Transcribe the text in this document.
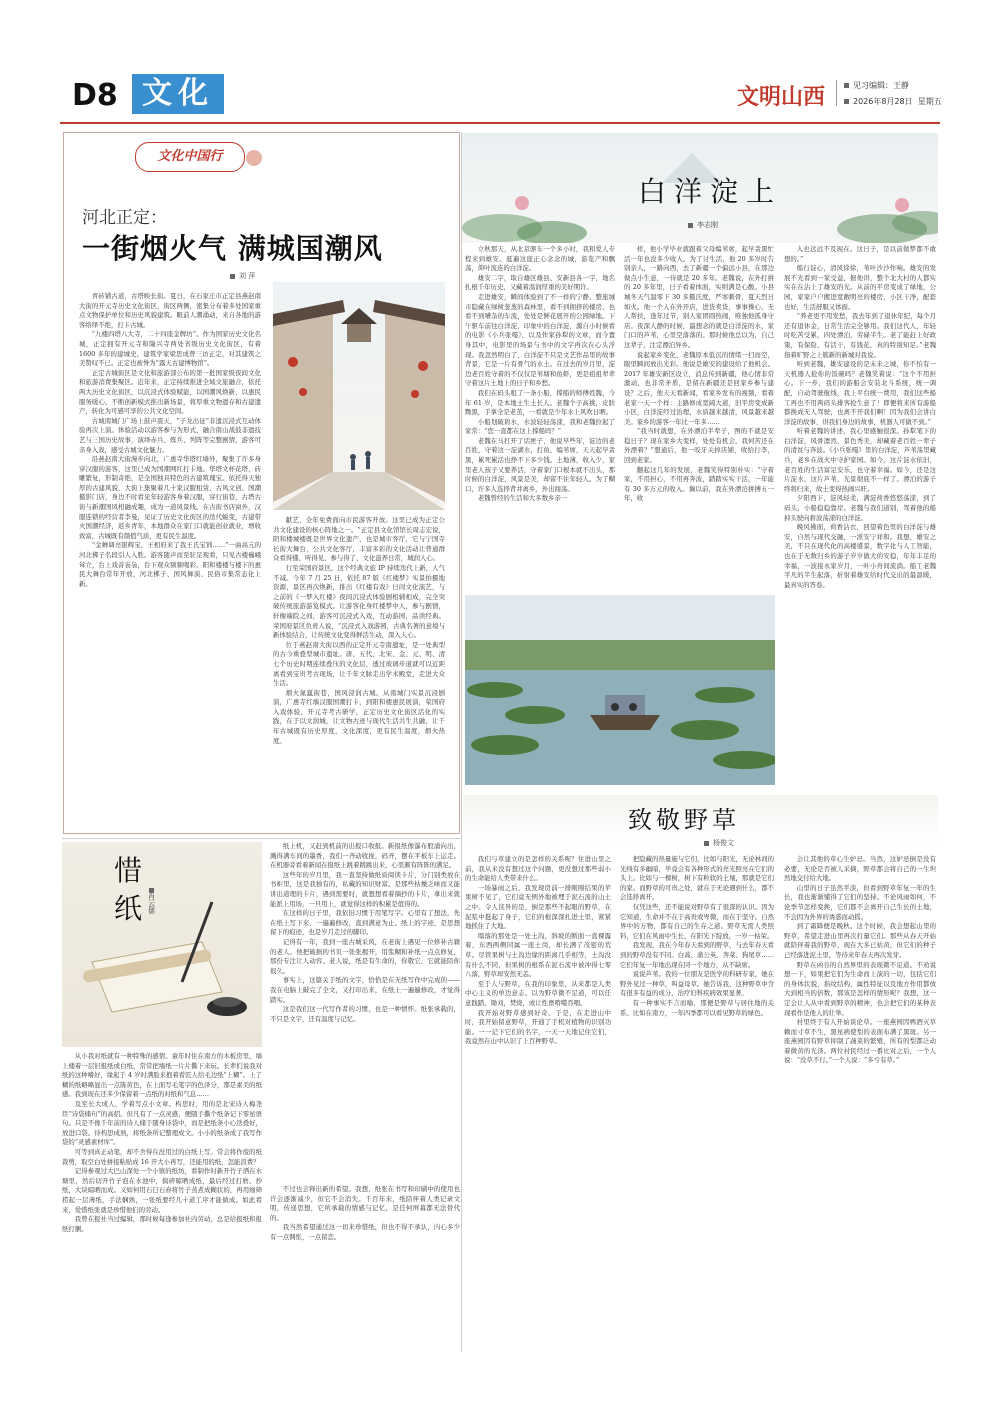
D8 文化	文明山西	见习编辑：王静
2026年8月28日 星期五
文化中国行
河北正定：
一街烟火气 满城国潮风
刘 萍

青砖铺古道，古塔映长街。夏日，在石家庄市正定县燕赵南大街的开元寺历史文化街区，街区两侧，密集分布着多处国家重点文物保护单位和历史风貌建筑。眼前人潮涌动，来自各地的游客络绎不绝，打卡古城。

“九楼四塔八大寺，二十四座金牌坊”。作为国家历史文化名城，正定拥有开元寺和隆兴寺两处省级历史文化街区，有着 1600 多年的建城史，建筑学家梁思成曾三访正定，对其建筑之美赞叹不已。正定也被誉为“露天古建博物馆”。

正定古城街区是文化和旅游部公布的第一批国家级夜间文化和旅游消费集聚区。近年来，正定持续推进全域文旅融合，依托两大历史文化街区，以沉浸式体验赋能，以国潮风焕新，以惠民服务暖心，不断创新模式推出新场景，将厚重文物遗存和古建遗产，转化为可感可享的公共文化空间。

古城南城门广场上鼓声震天，“子龙出征”非遗沉浸式互动体验再次上演。体验活动以游客参与为形式，融合南山战鼓非遗技艺与三国历史故事，演绎赤兵、炼兵、列阵等完整剧情，游客可亲身入戏，感受古城文化魅力。

沿燕赵南大街漫步向北，广惠寺华塔红墙外，聚集了许多身穿汉服的游客，这里已成为国潮网红打卡地。华塔文杯花塔，砖雕繁复，形制奇绝，是全国独具特色的古建筑瑰宝。依托得天独厚的古建风貌，大街上集聚着几十家汉服租赁、古风文创、国潮摄影门店，身边不时看见年轻游客身着汉服，穿行街巷，古塔古街与新潮国风相融成趣，成为一道风景线。在古街书店窗外，汉服连锁的经营者李曼，见证了历史文化街区的迭代蜕变，古建带火国潮经济，返乡青年，本地群众在家门口就能创业就业，增收致富，古城既有颜值气质，更有民生温度。

“金蝉调亮银辉宝，王相府来了我王氏宝钏……”一曲高亢的河北梆子名段引人入胜。游客随声而至驻足观看，只见古楼巍峨耸立，台上戏音袅袅，台下观众频频喝彩。阳和楼楼与楼下的惠民大舞台常年开放，河北梆子、国风舞演、民俗市集常态化上新。

献艺，全年免费面向市民游客开放。这里已成为正定公共文化建设的核心阵地之一。“正定县文化馆馆长周志宏说，阳和楼城楼既是世界文化遗产，也是城市客厅，它与宁国寺长街大舞台，公共文化客厅，丰富多彩的文化活动让普通群众看得懂、听得见、参与得了，文化滋养日常，城润人心。

行至荣国府景区，这个经典文旅 IP 持续迭代上新，人气不减。今年 7 月 25 日，依托 87 版《红楼梦》实景拍摄地资源，景区再次焕新，推出《红楼有戏》日间文化演艺，与之前的《一梦入红楼》夜间沉浸式体验剧相辅相成，完全突破传统旅游游览模式。让游客化身红楼梦中人，参与剧情，轩榭端院之间，游客可沉浸式入戏，互动游园，品读经典。荣国府景区负责人说，“沉浸式入戏游园，古典名著的意境与新体验结合，让传统文化变得鲜活生动，深入人心。

位于燕赵南大街以西的正定开元寺南遗址，是一处典型的古今重叠型城市遗址。唐、五代、北宋、金、元、明、清七个历史时期连续叠压的文化层，透过玻璃步道就可以近距离看到宝贵考古现场，让千年文脉走出学术殿堂，走进大众生活。

烟火氤氲街巷，国风浸润古城。从南城门实景沉浸剧演，广惠寺红墙汉服国潮打卡，到阳和楼惠民展演，荣国府入戏体验，开元寺考古研学，正定历史文化街区活化的实践，在于以文润城，让文物古迹与现代生活共生共融，让千年古城既有历史厚度，文化深度，更有民生温度，烟火热度。

白洋淀上
李志刚

立秋那天，从北京驱车一个多小时，我和爱人专程来到雄安。逛遍这座正心念念的城，游览产和飘荡，仰叶流连的白洋淀。

雄安二字，取自雄区雄县、安新县各一字，地名扎根千年历史，又藏着温润厚重的美好期许。

走进雄安，瞬间体验到了不一样的宁静。整座城市隐藏在绿树葱葱的森林里，看不到拥挤的楼房，也看不到嘈杂的车流，处处是鲜花展开的公园绿地。下午驱车前往白洋淀，印象中的白洋淀，源自小时候看的电影《小兵张嘎》，以及作家孙犁的文章，而今置身其中，电影里的场景与书中的文字再次在心头浮现。我忽然明白了，白洋淀不只是文艺作品里的故事背景，它是一片有骨气的水土。在过去的岁月里，淀边老百姓守着的不仅仅是苇塘和鱼虾，更是祖祖辈辈守着这片土地上的日子和乡愁。

我们在码头租了一条小船，撑船的师傅姓魏，今年 61 岁，是本地土生土长人。老魏个子高挑，皮肤黝黑，手拿全是老茧，一看就是少年水上风吹日晒。

小船划破碧水，水波轻轻荡漾，我和老魏拉起了家常：“您一直都在这上撑船吗？”

老魏在马打开了话匣子，他说早些年，淀边的老百姓，守着这一淀湖水，打鱼、编苇席，天天起早贪黑，累死累活也挣不下多少钱。土地薄，收入少，家里老人孩子又要养活，守着家门口根本就不出头，那时候的白洋淀，风景是美，却留不住年轻人。为了糊口，许多人选择背井离乡，外出闯荡。

老魏曾经的生活和大多数乡亲一

样，他小学毕业就跟着父母编苇席，起早贪黑忙活一年也没多少收入。为了讨生活，他 20 多岁时告别亲人，一路向西，去了新疆一个偏远小县，在那边做点小生意，一待就是 20 多年。老魏说，在外打拼的 20 多年里，日子看着体面，实则满是心酸。小县城冬天气温零下 30 多摄氏度，严寒刺骨，夏天烈日如火。他一个人在外开店，进货卖货，事事操心，无人帮扶，逢年过节，别人家团圆热闹，唯独他孤身守店。夜深人静的时候，最想念的就是白洋淀的水，家门口的芦苇，心里空落落的。那时候他总以为，自己这辈子，注定漂泊异乡。

说起家乡变化，老魏原本低沉的情绪一扫而空，眼里瞬间放出光彩。他说是雄安的建设给了他机会。2017 年雄安新区设立，消息传到新疆，他心情非常激动，也非常矛盾，是留在新疆还是回家乡参与建设？之后，他天天看新闻，看家乡发布的视频，看着老家一天一个样：主路修成宽阔大道，旧平房变成新小区，白洋淀经过治理，水质越来越清，风景越来越美。家乡的游客一年比一年多……

“我当时就想，在外漂泊半辈子，图的不就是安稳日子？现在家乡大变样，处处有机会，我何苦还在外漂着？”想通后，他一咬牙关掉店铺，收拾行李，回到老家。

翻起这几年的发展，老魏笑得特别朴实：“守着家，不用担心，不用再奔波，踏踏实实干活，一年能有 30 多万元的收入。搁以前，我在外漂泊拼搏五一年，收

入也远远不及现在。这日子，是以前做梦都不敢想的。”

船行淀心，清风徐徐，苇叶沙沙作响。雄安的发展不光看到一家受益，据他讲，整个北大村的人都实实在在沾上了雄安的光。从前的平房变成了绿地，公园，家家户户搬进宽敞明亮的楼房，小区干净，配套也好，生活舒服又体面。

“养老更不用发愁，我去年到了退休年纪，每个月还有退休金，日常生活完全够用。我们这代人，年轻时吃苦受累，四处漂泊，劳碌半生。老了能赶上好政策，有保险、有活干，有钱花，真的特别知足。”老魏指着旷野之上簇新的新城对我说。

听到老魏，雄安建设的是未来之城，你不怕有一天机器人抢你的饭碗吗？老魏笑着说：“这个不用担心。下一步，我们的游船会安装北斗系统，统一调配，自动驾驶航线，我上平台统一费用，我们这些船工再也不用两码头排客抢生意了！即便将来所有游船都换成无人驾驶，也离不开我们啊！因为我们会讲白洋淀的故事，讲我们身边的故事，机器人可做不到。”

听着老魏的讲述，我心里感触很深。孙犁笔下的白洋淀，风骨凛然，景色秀美，却藏着老百姓一辈子的清贫与奔波。《小兵张嘎》里的白洋淀，芦苇荡里藏兵，老乡在战火中守护家园。如今，这片淀水依旧，老百姓的生活富足安乐，也守着幸福。如今，还是这片淀水，这片芦苇，光景彻底不一样了。漂泊的游子终将归来，故土变得热闹兴旺。

夕阳西下，淀风轻柔，满淀荷香悠悠荡漾，到了码头，小船稳稳靠岸。老魏与我们道别，驾着他的船掉头驶向碧波荡漾的白洋淀。

晚风拂面，荷香沾衣，回望着色里的白洋淀与雄安，自然与现代交融，一派安宁祥和。我想，雄安之美，不只在现代化的高楼盛景，数字化与人工智能，也在于无数归乡的游子岁岁做大的安稳，年年丰足的幸福，一波接永家岁月，一叶小舟间流淌。船工老魏平凡的半生起落，折射着雄安给时代交出的最温暖，最真实的答卷。

惜
纸 肖云儒

从小我对纸就有一种特殊的感情。童年时住在南方的木板房里，墙上楼着一层旧报纸或白纸，常常把墙纸一片片撕下来玩。长辈们说我对纸的这种嗜好，缘起于 4 岁时满脸来抱着看匠人给毛边纸“上糊”。上了糊的纸略略显出一点陈黄色，在上面写毛笔字的色泽分，那是素美的纸感。我到现在还多少保留着一点纸的对纸和气息……

及至长大成人，学着写点小文章。构思时，用的是北宋诗人梅尧臣“诗袋储句”的高招。但凡有了一点灵感，便随手撕个纸条记下零星语句。只是不像千年前的诗人储于随身诗袋中，而是把纸条小心迭叠好，放进口袋。待构思成熟，将纸条所记整理成文。小小的纸条成了我写作袋的“灵感素材库”。

可等到真正动笔，却不舍得在没用过的白纸上写。常会将作废的纸裁剪，取空白处拼接粘贴成 16 开大小再写，还能用的纸，怎能浪费？

记得参观过大巴山深处一个小镇的纸坊，看制作时新开竹子洒在水塘里，然后切开竹子泡在水池中，捣碎晾晒成纸，最后经过打磨、抄纸，大块晾晒而成。又如何用石臼石舂将竹子蒸煮成糊状的，再用细筛捞起一层薄纸，手法娴熟，一张纸要经几十道工序才能做成。如此看来，爱惜纸张就是珍惜他们的劳动。

我曾在报社当过编辑，那时候每逢参加社内劳动，总是给报纸和报纸打捆。

纸上机，又赶到机前的出报口收报。新报纸像瀑布般涌向出，溅得满车间的墨香，我们一齐动收拢，码齐，摆在平板车上运走。在机器旁看着新闻在报纸上跳着跳跳出来，心里颇有阵阵的满足。

这些年的岁月里，我一直坚持做纸质阅读卡片，分门别类放在书柜里，这是我独有的，私藏的知识财富。是那些枯燥乏味而又能讲出道理的卡片，遇到需要时，就想想看着摘抄的卡片，拿出来就能派上用场，一旦用上，就觉得这样的积累是值得的。

在这样的日子里，我依旧习惯于用笔写字。心里有了想法，先在纸上写下来，一遍遍修改，直到满意为止。纸上的字迹，是思想留下的痕迹，也是岁月走过的脚印。

记得有一年，我到一座古城采风，在老街上遇见一位修补古籍的老人。他把破损的书页一张张揭开，用浆糊和补纸一点点修复，那份专注让人动容。老人说，纸是有生命的，你敬它，它就能陪你很久。

事实上，这篇关于纸的文字，恰恰是在无纸写作中完成的——我在电脑上敲完了全文，又打印出来，在纸上一遍遍修改，才觉得踏实。

这是我们这一代写作者的习惯，也是一种情怀。纸张承载的，不只是文字，还有温度与记忆。

不过也会释出新的希望。我想，纸张在书写和印刷中的使用也许会逐渐减少，但它不会消失。千百年来，纸陪伴着人类记录文明，传递思想，它所承载的情感与记忆，是任何屏幕都无法替代的。

我当然希望通过这一切来珍惜纸，但也不得不承认，内心多少有一点惆怅，一点留恋。

致敬野草
杨俊文

我们与草建立的是怎样的关系呢？住进山里之前，我从来没有想过这个问题，更没想过那些弱小的生命能给人类带来什么。

一场暴雨之后，我发现房前一排刚刚结果的苹果树不见了，它们竟无例外地被埋于泥石流的山土之中。令人诧异的是，倒是那些不起眼的野草，在泥浆中挺起了身子，它们的根深深扎进土里，紧紧地抓住了大地。

塌落的那处是一处土沟，斜坡的断面一直裸露着，东西两侧同属一座土岗，却长满了茂密的荒草。尽管果树与土沟边缘的距离几乎相等，土沟没有什么不同，但果树的根系在泥石流中被冲得七零八落，野草却安然无恙。

至于人与野草，在我的印象里，从来都是人类中心主义的单边意志。以为野草微不足道，可以任意践踏，锄刈，焚烧，或让性畜啃噬吞咽。

我开始对野草感到好奇。于是，在走进山中时，我开始留意野草，开通了手机对植物的识别功能。一一记下它们的名字，一天一天地记住它们，我竟然在山中认识了上百种野草。

把隐藏的热量施与它们，比如与阳光，无论林间的光线有多幽暗，毕竟会有各种形式的亮光照亮在它们的头上。比如与一棵树，树下有粒软的土壤，那就是它们的家。而野草的可贵之处，就在于无论遇到什么，都不会选择离开。

仅凭这些，还不能说对野草有了很深的认识。因为它知道，生命并不在于高贵或卑微，而在于坚守。自然界中的万物，都有自己的生存之道。野草无需人类照料，它们在风雨中生长，在阳光下绽放，一岁一枯荣。

我发现，我在今年春天看到的野草，与去年春天看到的野草没有不同。白蒿、蒲公英、荠菜、狗尾草……它们年复一年地出现在同一个地方，从不缺席。

说说芦苇。我的一位朋友是医学的科研专家，她在野外见过一种草，叫益母草。她告诉我，这种野草中含有很多有益的成分，治疗妇科疾病效果显著。

有一种事实不言而喻，那便是野草与居住地的关系。比如在南方，一年四季都可以看见野草的绿色。

会让其他的草心生妒忌。当然，这妒忌倒是没有必要，无论是否被人采摘，野草都会将自己的一生坦然地交付给大地。

山里的日子虽然平淡，但看到野草年复一年的生长，我也渐渐懂得了它们的坚持。不论风雨如何，不论季节怎样变换，它们都不会离开自己生长的土地，不会因为外界的诱惑而动摇。

到了霜降便是晚秋。这个时候，我会想起山里的野草，希望走进山里再次打量它们。那些从春天开始就陪伴着我的野草，现在大多已枯黄，但它们的种子已经落进泥土里，等待来年春天再次发芽。

野草在函谷的自然界里的表现微不足道。不劝说想一下，如果把它们为生命而上演的一切，包括它们的身体状貌，指纹结构，属性特征以及地方作用都放大到相当的倍数，那该是怎样的情形呢？我想，这一定会让人从中看到野草的精神，也会把它们的某种表现看作是他人的壮举。

村里终于有人开始谈论草。一座燕园因鸭酒灭草赖而寸草不生，黑星病使梨的表面布满了黑斑。另一座燕园因有野草抑制了蔬菜的繁殖，所有的梨都泛动着微黄的光泽。两位村民经过一番比对之后，一个人说：“没草不行。”一个人说：“多亏有草。”
